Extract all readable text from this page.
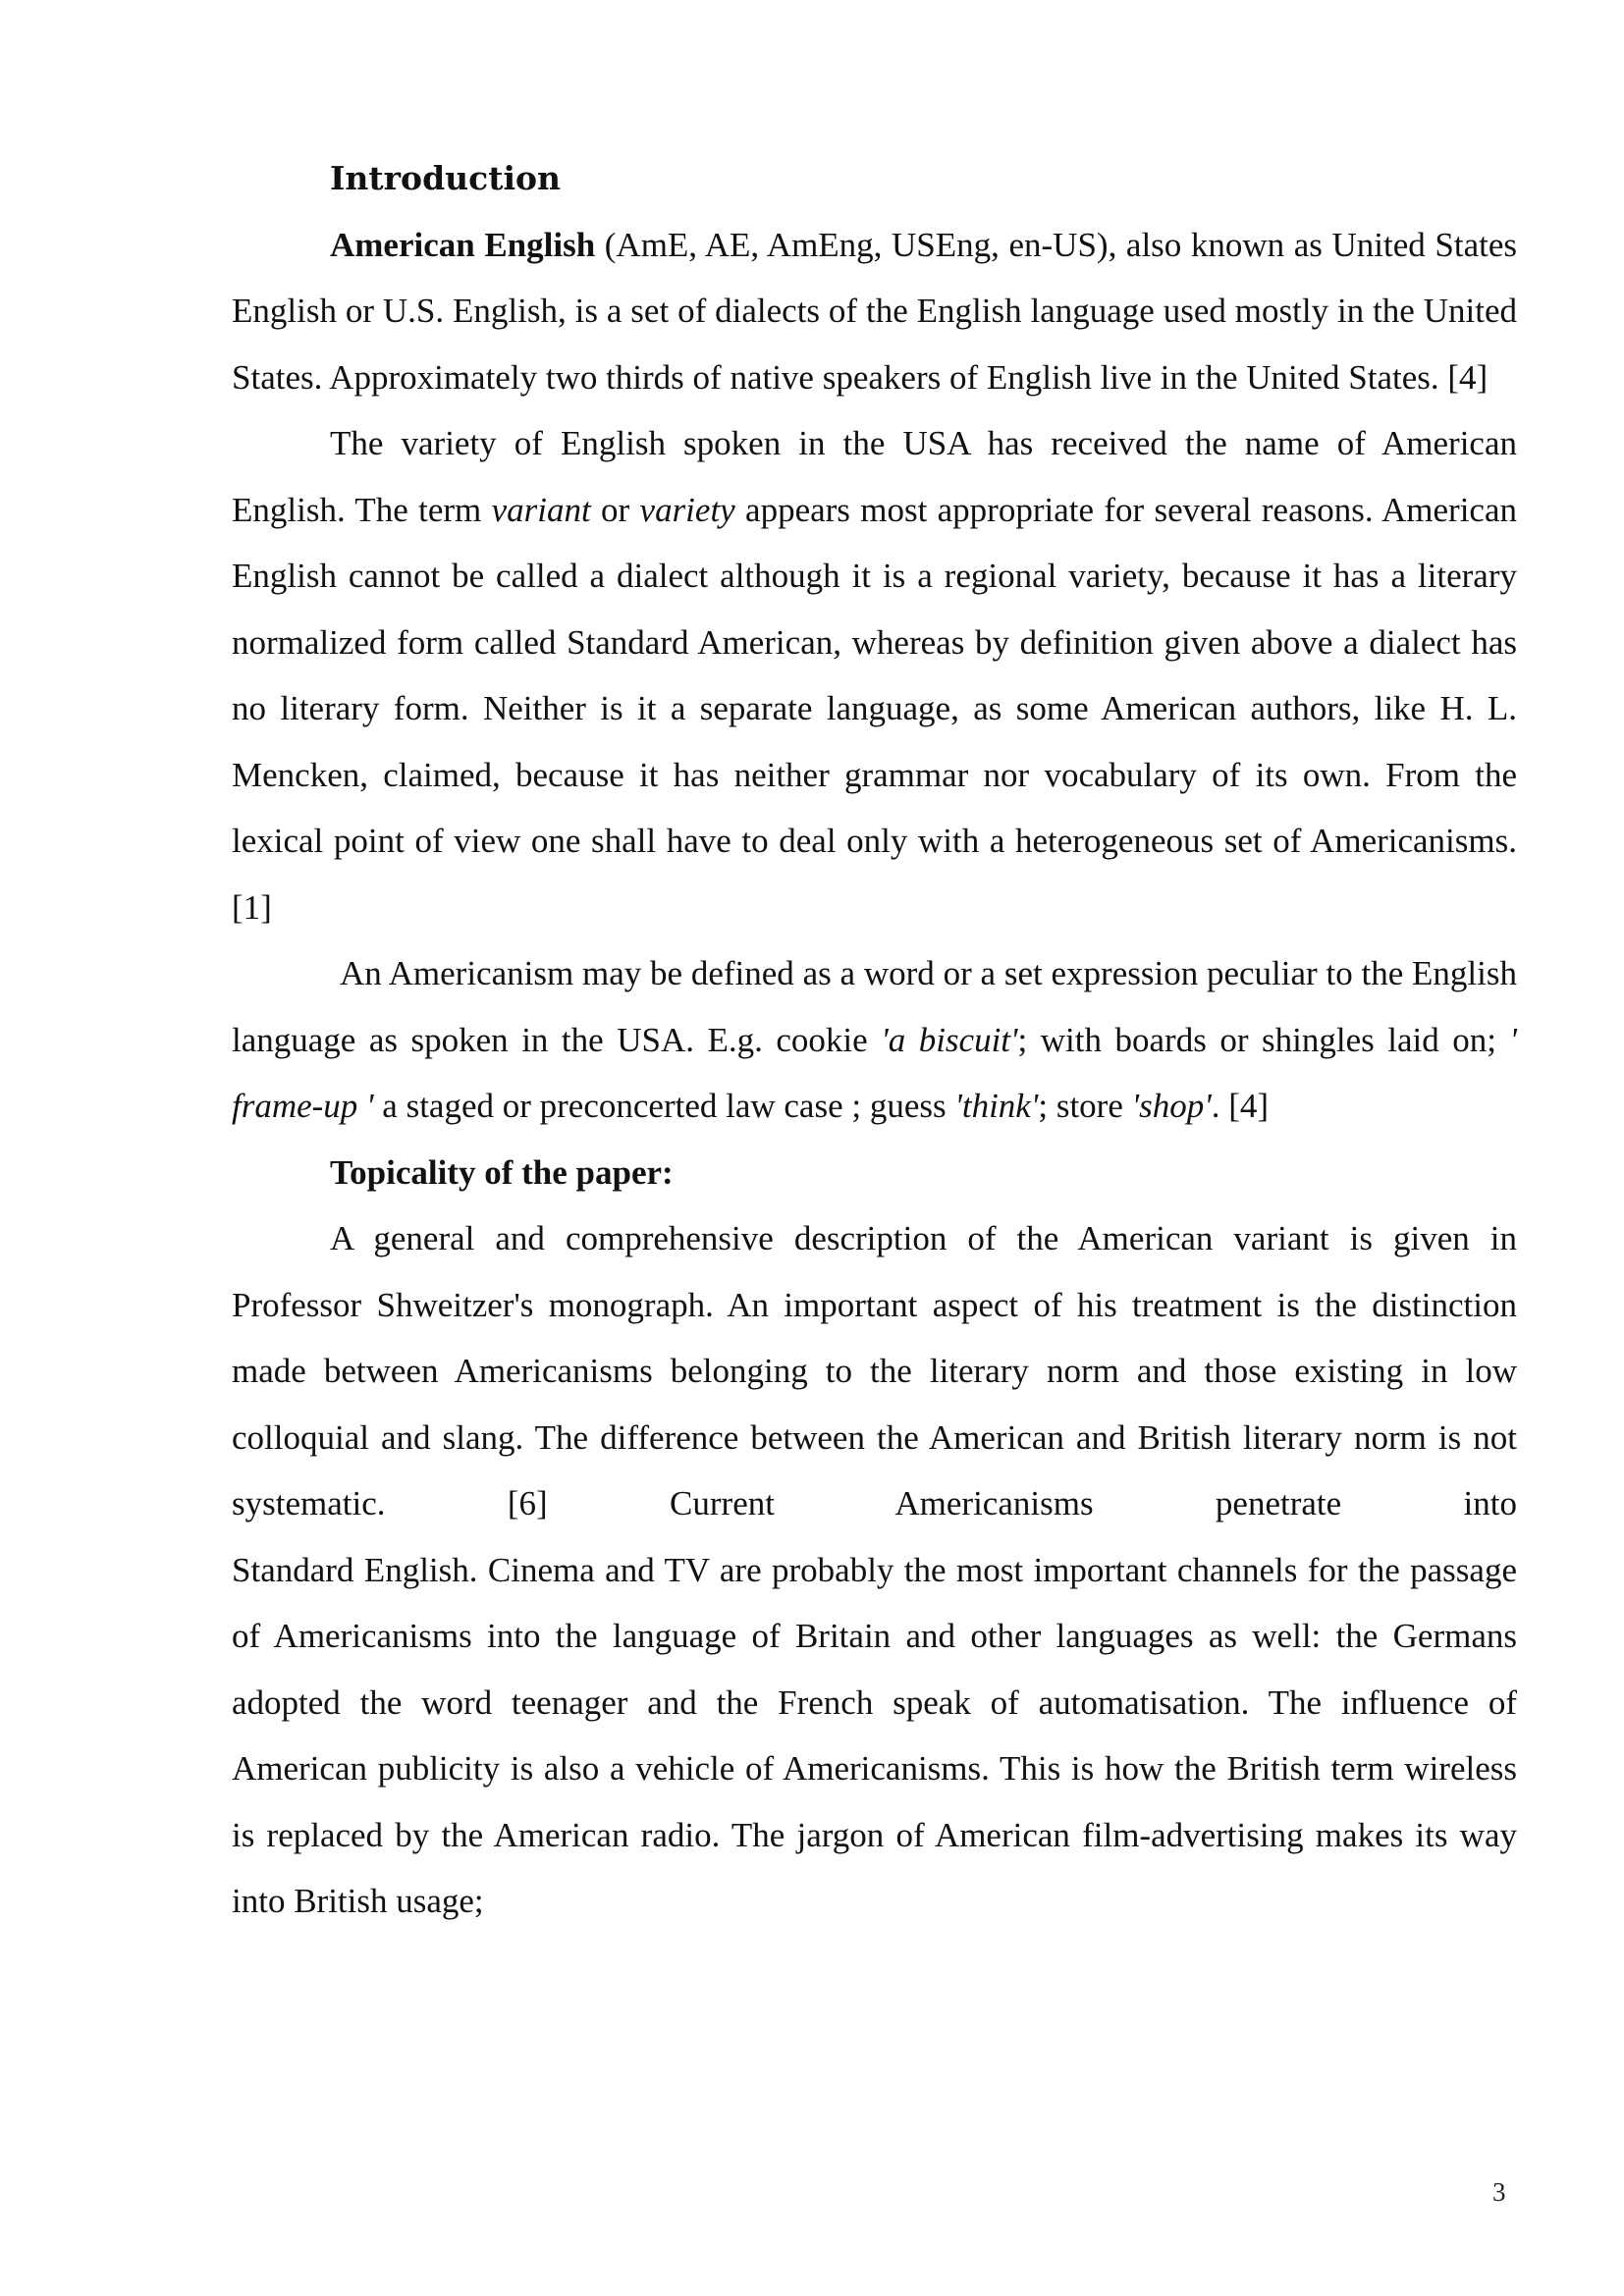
Introduction

American English (AmE, AE, AmEng, USEng, en-US), also known as United States English or U.S. English, is a set of dialects of the English language used mostly in the United States. Approximately two thirds of native speakers of English live in the United States. [4]

The variety of English spoken in the USA has received the name of American English. The term variant or variety appears most appropriate for several reasons. American English cannot be called a dialect although it is a regional variety, because it has a literary normalized form called Standard American, whereas by definition given above a dialect has no literary form. Neither is it a separate language, as some American authors, like H. L. Mencken, claimed, because it has neither grammar nor vocabulary of its own. From the lexical point of view one shall have to deal only with a heterogeneous set of Americanisms. [1]

An Americanism may be defined as a word or a set expression peculiar to the English language as spoken in the USA. E.g. cookie 'a biscuit'; with boards or shingles laid on; ' frame-up ' a staged or preconcerted law case ; guess 'think'; store 'shop'. [4]

Topicality of the paper:

A general and comprehensive description of the American variant is given in Professor Shweitzer's monograph. An important aspect of his treatment is the distinction made between Americanisms belonging to the literary norm and those existing in low colloquial and slang. The difference between the American and British literary norm is not systematic. [6] Current Americanisms penetrate into

Standard English. Cinema and TV are probably the most important channels for the passage of Americanisms into the language of Britain and other languages as well: the Germans adopted the word teenager and the French speak of automatisation. The influence of American publicity is also a vehicle of Americanisms. This is how the British term wireless is replaced by the American radio. The jargon of American film-advertising makes its way into British usage;

3
